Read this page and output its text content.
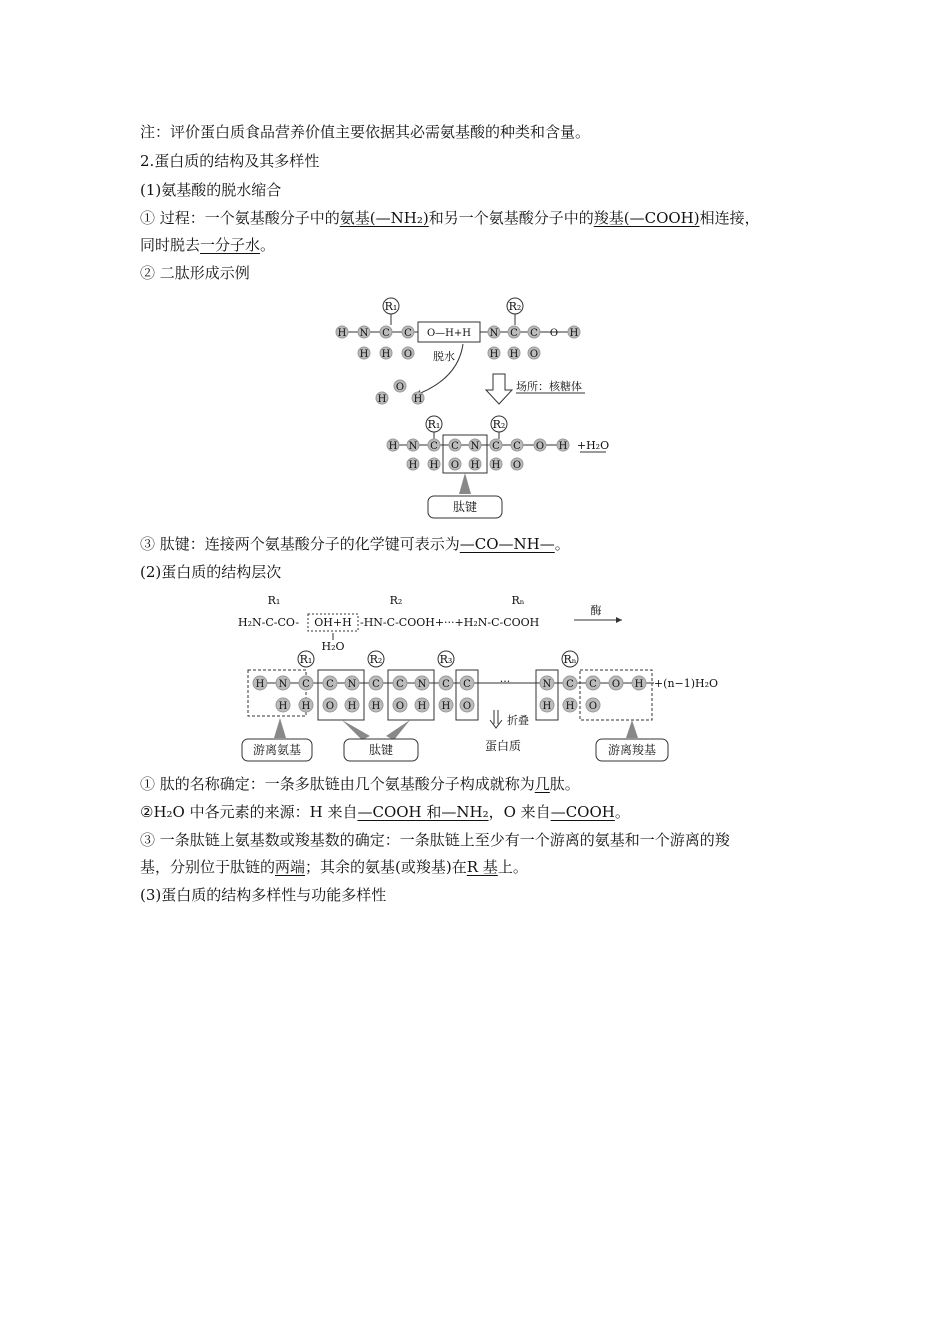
注：评价蛋白质食品营养价值主要依据其必需氨基酸的种类和含量。
2.蛋白质的结构及其多样性
(1)氨基酸的脱水缩合
① 过程：一个氨基酸分子中的氨基(—NH₂)和另一个氨基酸分子中的羧基(—COOH)相连接，
同时脱去一分子水。
② 二肽形成示例
R₁	R₂
H N C C	N C C O H
H H O	H H O
O—H+H
脱水
H
O
H
场所：核糖体
R₁	R₂
H N C C N C C O H
H H O H H O
+H₂O
肽键
③ 肽键：连接两个氨基酸分子的化学键可表示为—CO—NH—。
(2)蛋白质的结构层次
H₂N-C-CO- OH+H -HN-C-COOH+···+H₂N-C-COOH
R₁	R₂	Rₙ
H₂O
酶
R₁	R₂	R₃	Rₙ
H N C C N C C N C C	N C C O H
H H O H H O H H O	H H O
···	+(n−1)H₂O
折叠
蛋白质
游离氨基	肽键	游离羧基
① 肽的名称确定：一条多肽链由几个氨基酸分子构成就称为几肽。
②H₂O 中各元素的来源：H 来自—COOH 和—NH₂，O 来自—COOH。
③ 一条肽链上氨基数或羧基数的确定：一条肽链上至少有一个游离的氨基和一个游离的羧
基，分别位于肽链的两端；其余的氨基(或羧基)在R 基上。
(3)蛋白质的结构多样性与功能多样性
